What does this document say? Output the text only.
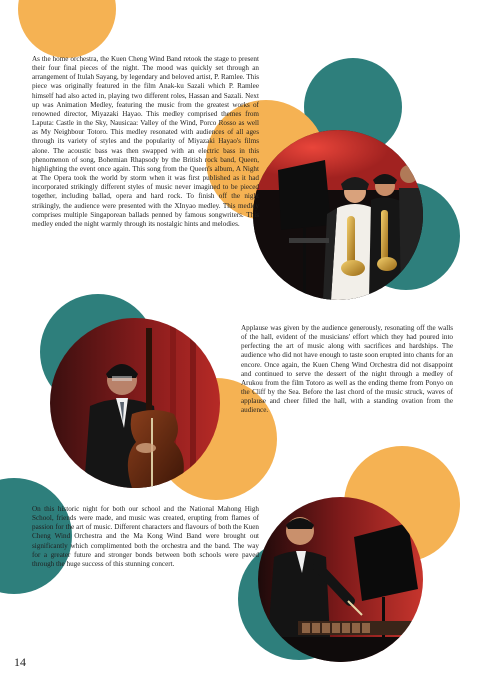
As the home orchestra, the Kuen Cheng Wind Band retook the stage to present their four final pieces of the night. The mood was quickly set through an arrangement of Itulah Sayang, by legendary and beloved artist, P. Ramlee. This piece was originally featured in the film Anak-ku Sazali which P. Ramlee himself had also acted in, playing two different roles, Hassan and Sazali. Next up was Animation Medley, featuring the music from the greatest works of renowned director, Miyazaki Hayao. This medley comprised themes from Laputa: Castle in the Sky, Nausicaa: Valley of the Wind, Porco Rosso as well as My Neighbour Totoro. This medley resonated with audiences of all ages through its variety of styles and the popularity of Miyazaki Hayao's films alone. The acoustic bass was then swapped with an electric bass in this phenomenon of song, Bohemian Rhapsody by the British rock band, Queen, highlighting the event once again. This song from the Queen's album, A Night at The Opera took the world by storm when it was first published as it had incorporated strikingly different styles of music never imagined to be pieced together, including ballad, opera and hard rock. To finish off the night strikingly, the audience were presented with the XInyao medley. This medley comprises multiple Singaporean ballads penned by famous songwriters. This medley ended the night warmly through its nostalgic hints and melodies.

Applause was given by the audience generously, resonating off the walls of the hall, evident of the musicians' effort which they had poured into perfecting the art of music along with sacrifices and hardships. The audience who did not have enough to taste soon erupted into chants for an encore. Once again, the Kuen Cheng Wind Orchestra did not disappoint and continued to serve the dessert of the night through a medley of Arukou from the film Totoro as well as the ending theme from Ponyo on the Cliff by the Sea. Before the last chord of the music struck, waves of applause and cheer filled the hall, with a standing ovation from the audience.

On this historic night for both our school and the National Mahong High School, friends were made, and music was created, erupting from flames of passion for the art of music. Different characters and flavours of both the Kuen Cheng Wind Orchestra and the Ma Kong Wind Band were brought out significantly which complimented both the orchestra and the band. The way for a greater future and stronger bonds between both schools were paved through the huge success of this stunning concert.

14
